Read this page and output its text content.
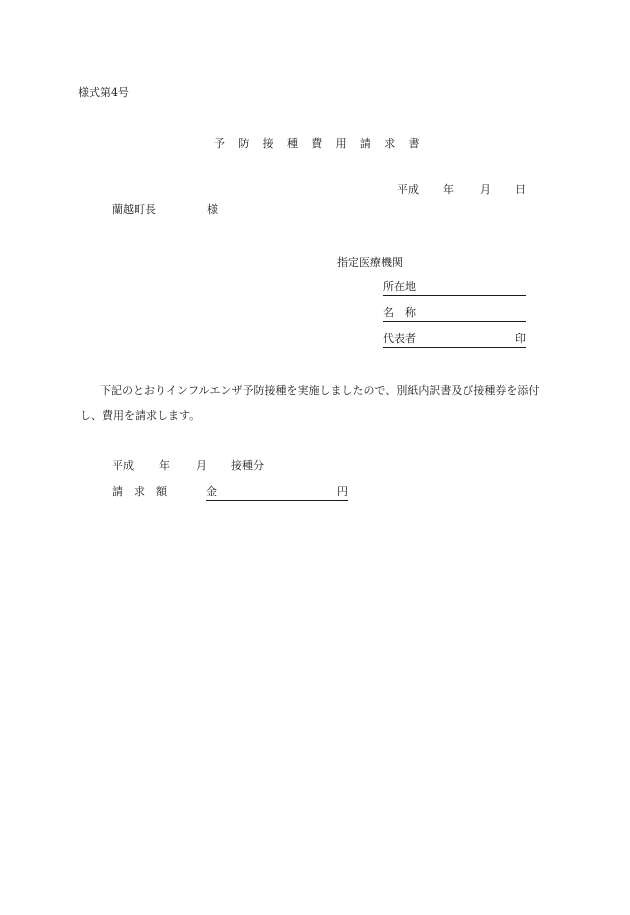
様式第4号
予 防 接 種 費 用 請 求 書
平成 年 月 日
蘭越町長	様
指定医療機関
所在地
名　称
代表者	印
下記のとおりインフルエンザ予防接種を実施しましたので、別紙内訳書及び接種券を添付し、費用を請求します。
平成 年 月 接種分
請　求　額	金	円
